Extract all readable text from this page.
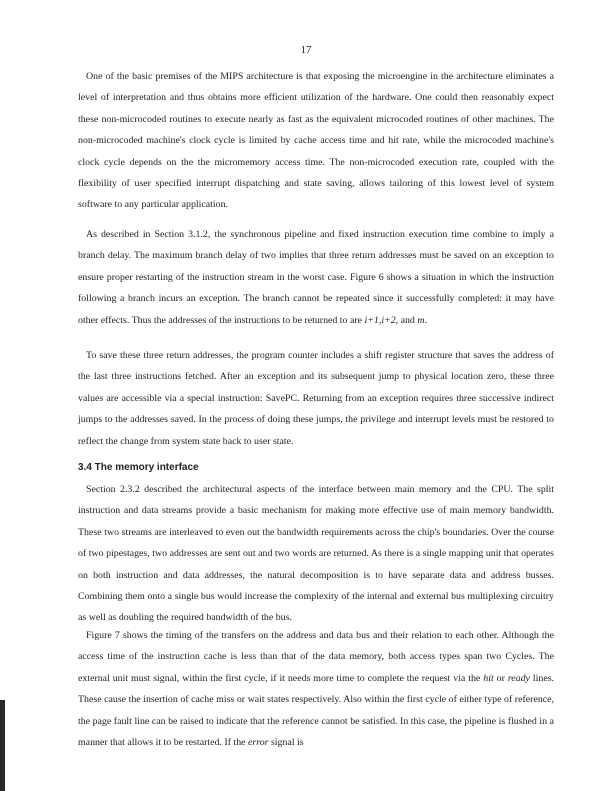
17

One of the basic premises of the MIPS architecture is that exposing the microengine in the architecture eliminates a level of interpretation and thus obtains more efficient utilization of the hardware. One could then reasonably expect these non-microcoded routines to execute nearly as fast as the equivalent microcoded routines of other machines. The non-microcoded machine's clock cycle is limited by cache access time and hit rate, while the microcoded machine's clock cycle depends on the the micromemory access time. The non-microcoded execution rate, coupled with the flexibility of user specified interrupt dispatching and state saving, allows tailoring of this lowest level of system software to any particular application.

As described in Section 3.1.2, the synchronous pipeline and fixed instruction execution time combine to imply a branch delay. The maximum branch delay of two implies that three return addresses must be saved on an exception to ensure proper restarting of the instruction stream in the worst case. Figure 6 shows a situation in which the instruction following a branch incurs an exception. The branch cannot be repeated since it successfully completed: it may have other effects. Thus the addresses of the instructions to be returned to are i+1,i+2, and m.

To save these three return addresses, the program counter includes a shift register structure that saves the address of the last three instructions fetched. After an exception and its subsequent jump to physical location zero, these three values are accessible via a special instruction: SavePC. Returning from an exception requires three successive indirect jumps to the addresses saved. In the process of doing these jumps, the privilege and interrupt levels must be restored to reflect the change from system state back to user state.

3.4 The memory interface

Section 2.3.2 described the architectural aspects of the interface between main memory and the CPU. The split instruction and data streams provide a basic mechanism for making more effective use of main memory bandwidth. These two streams are interleaved to even out the bandwidth requirements across the chip's boundaries. Over the course of two pipestages, two addresses are sent out and two words are returned. As there is a single mapping unit that operates on both instruction and data addresses, the natural decomposition is to have separate data and address busses. Combining them onto a single bus would increase the complexity of the internal and external bus multiplexing circuitry as well as doubling the required bandwidth of the bus.

Figure 7 shows the timing of the transfers on the address and data bus and their relation to each other. Although the access time of the instruction cache is less than that of the data memory, both access types span two Cycles. The external unit must signal, within the first cycle, if it needs more time to complete the request via the hit or ready lines. These cause the insertion of cache miss or wait states respectively. Also within the first cycle of either type of reference, the page fault line can be raised to indicate that the reference cannot be satisfied. In this case, the pipeline is flushed in a manner that allows it to be restarted. If the error signal is
